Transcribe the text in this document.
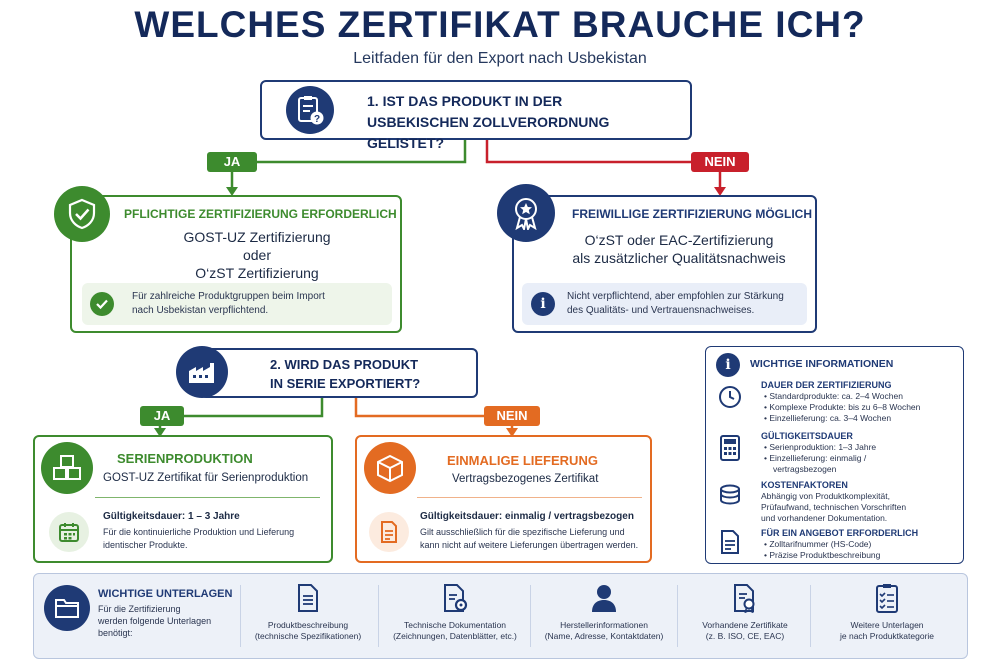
WELCHES ZERTIFIKAT BRAUCHE ICH?
Leitfaden für den Export nach Usbekistan
1. IST DAS PRODUKT IN DER
USBEKISCHEN ZOLLVERORDNUNG GELISTET?
?
JA	NEIN
PFLICHTIGE ZERTIFIZIERUNG ERFORDERLICH
GOST-UZ Zertifizierung
oder
O‘zST Zertifizierung
Für zahlreiche Produktgruppen beim Import
nach Usbekistan verpflichtend.
FREIWILLIGE ZERTIFIZIERUNG MÖGLICH
O‘zST oder EAC-Zertifizierung
als zusätzlicher Qualitätsnachweis
i	Nicht verpflichtend, aber empfohlen zur Stärkung
des Qualitäts- und Vertrauensnachweises.
2. WIRD DAS PRODUKT
IN SERIE EXPORTIERT?
JA	NEIN
SERIENPRODUKTION
GOST-UZ Zertifikat für Serienproduktion
Gültigkeitsdauer: 1 – 3 Jahre
Für die kontinuierliche Produktion und Lieferung
identischer Produkte.
EINMALIGE LIEFERUNG
Vertragsbezogenes Zertifikat
Gültigkeitsdauer: einmalig / vertragsbezogen
Gilt ausschließlich für die spezifische Lieferung und
kann nicht auf weitere Lieferungen übertragen werden.
i	WICHTIGE INFORMATIONEN
DAUER DER ZERTIFIZIERUNG
• Standardprodukte: ca. 2–4 Wochen
• Komplexe Produkte: bis zu 6–8 Wochen
• Einzellieferung: ca. 3–4 Wochen
GÜLTIGKEITSDAUER
• Serienproduktion: 1–3 Jahre
• Einzellieferung: einmalig /
vertragsbezogen
KOSTENFAKTOREN
Abhängig von Produktkomplexität,
Prüfaufwand, technischen Vorschriften
und vorhandener Dokumentation.
FÜR EIN ANGEBOT ERFORDERLICH
• Zolltarifnummer (HS-Code)
• Präzise Produktbeschreibung
WICHTIGE UNTERLAGEN
Für die Zertifizierung
werden folgende Unterlagen
benötigt:
Produktbeschreibung
(technische Spezifikationen)
Technische Dokumentation
(Zeichnungen, Datenblätter, etc.)
Herstellerinformationen
(Name, Adresse, Kontaktdaten)
Vorhandene Zertifikate
(z. B. ISO, CE, EAC)
Weitere Unterlagen
je nach Produktkategorie
